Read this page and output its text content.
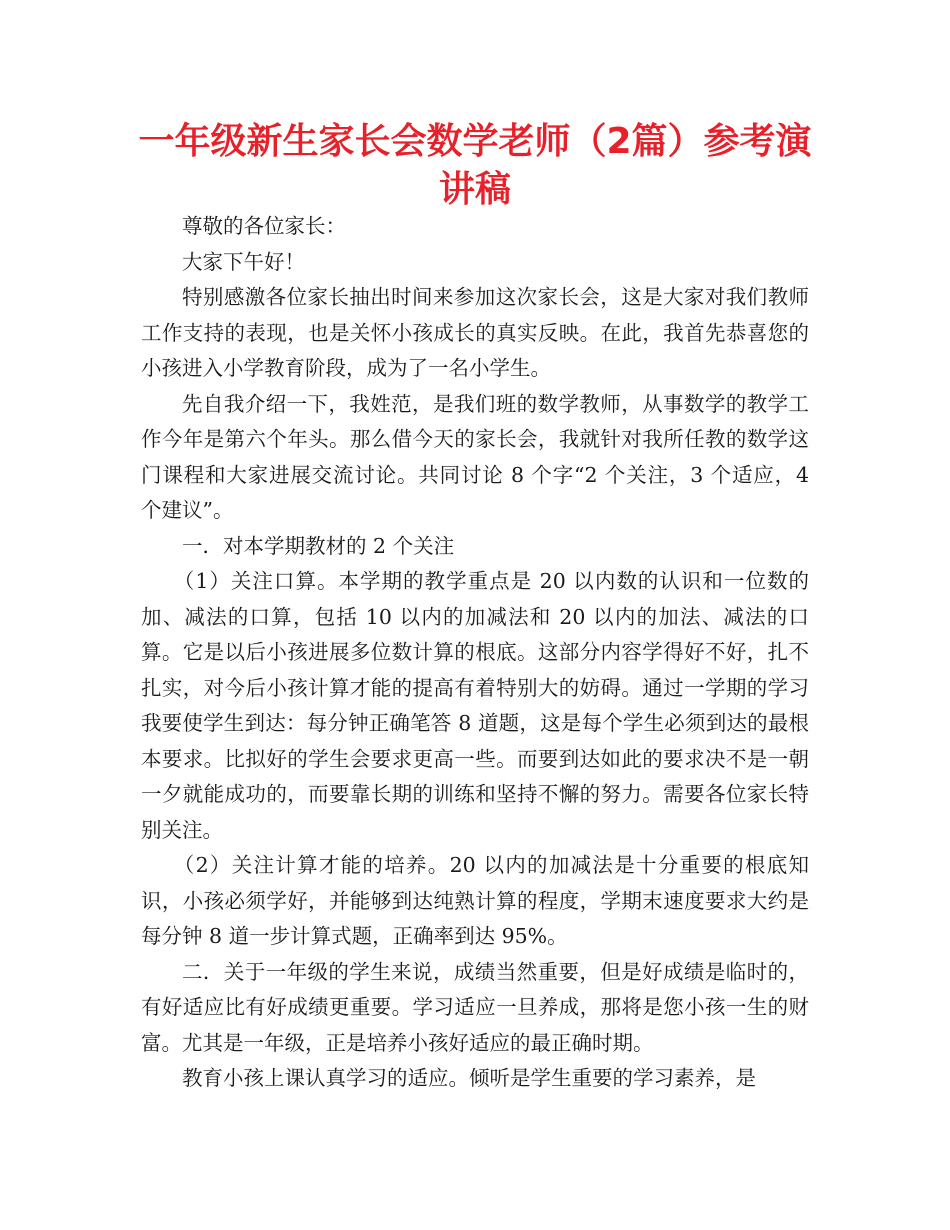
一年级新生家长会数学老师（2篇）参考演讲稿

尊敬的各位家长：

大家下午好！

特别感激各位家长抽出时间来参加这次家长会，这是大家对我们教师工作支持的表现，也是关怀小孩成长的真实反映。在此，我首先恭喜您的小孩进入小学教育阶段，成为了一名小学生。

先自我介绍一下，我姓范，是我们班的数学教师，从事数学的教学工作今年是第六个年头。那么借今天的家长会，我就针对我所任教的数学这门课程和大家进展交流讨论。共同讨论 8 个字“2 个关注，3 个适应，4 个建议”。

一．对本学期教材的 2 个关注

（1）关注口算。本学期的教学重点是 20 以内数的认识和一位数的加、减法的口算，包括 10 以内的加减法和 20 以内的加法、减法的口算。它是以后小孩进展多位数计算的根底。这部分内容学得好不好，扎不扎实，对今后小孩计算才能的提高有着特别大的妨碍。通过一学期的学习我要使学生到达：每分钟正确笔答 8 道题，这是每个学生必须到达的最根本要求。比拟好的学生会要求更高一些。而要到达如此的要求决不是一朝一夕就能成功的，而要靠长期的训练和坚持不懈的努力。需要各位家长特别关注。

（2）关注计算才能的培养。20 以内的加减法是十分重要的根底知识，小孩必须学好，并能够到达纯熟计算的程度，学期末速度要求大约是每分钟 8 道一步计算式题，正确率到达 95%。

二．关于一年级的学生来说，成绩当然重要，但是好成绩是临时的，有好适应比有好成绩更重要。学习适应一旦养成，那将是您小孩一生的财富。尤其是一年级，正是培养小孩好适应的最正确时期。

教育小孩上课认真学习的适应。倾听是学生重要的学习素养，是
